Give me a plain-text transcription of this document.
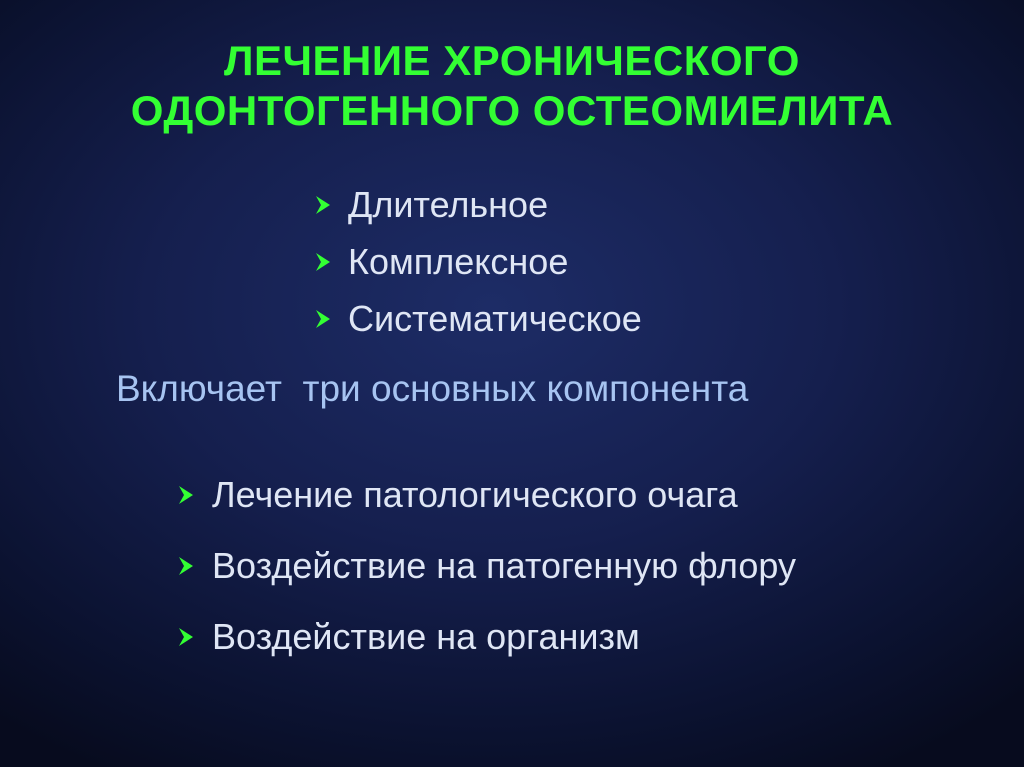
ЛЕЧЕНИЕ ХРОНИЧЕСКОГО
ОДОНТОГЕННОГО ОСТЕОМИЕЛИТА
Длительное
Комплексное
Систематическое
Включает  три основных компонента
Лечение патологического очага
Воздействие на патогенную флору
Воздействие на организм
